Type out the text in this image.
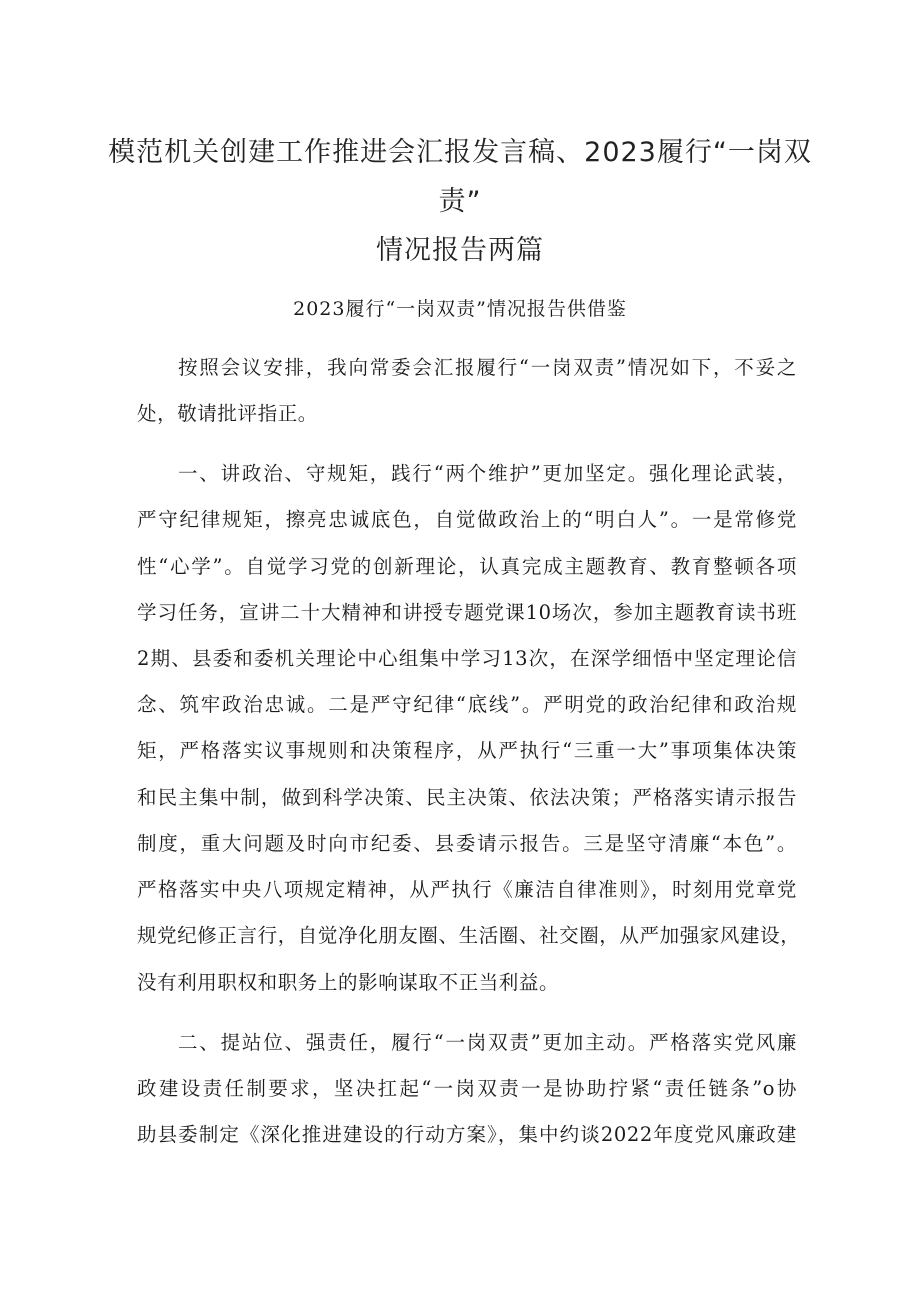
模范机关创建工作推进会汇报发言稿、2023履行“一岗双
责”
情况报告两篇
2023履行“一岗双责”情况报告供借鉴
按照会议安排，我向常委会汇报履行“一岗双责”情况如下，不妥之
处，敬请批评指正。
一、讲政治、守规矩，践行“两个维护”更加坚定。强化理论武装，
严守纪律规矩，擦亮忠诚底色，自觉做政治上的“明白人”。一是常修党
性“心学”。自觉学习党的创新理论，认真完成主题教育、教育整顿各项
学习任务，宣讲二十大精神和讲授专题党课10场次，参加主题教育读书班
2期、县委和委机关理论中心组集中学习13次，在深学细悟中坚定理论信
念、筑牢政治忠诚。二是严守纪律“底线”。严明党的政治纪律和政治规
矩，严格落实议事规则和决策程序，从严执行“三重一大”事项集体决策
和民主集中制，做到科学决策、民主决策、依法决策；严格落实请示报告
制度，重大问题及时向市纪委、县委请示报告。三是坚守清廉“本色”。
严格落实中央八项规定精神，从严执行《廉洁自律准则》，时刻用党章党
规党纪修正言行，自觉净化朋友圈、生活圈、社交圈，从严加强家风建设，
没有利用职权和职务上的影响谋取不正当利益。
二、提站位、强责任，履行“一岗双责”更加主动。严格落实党风廉
政建设责任制要求，坚决扛起“一岗双责一是协助拧紧“责任链条”o协
助县委制定《深化推进建设的行动方案》，集中约谈2022年度党风廉政建
